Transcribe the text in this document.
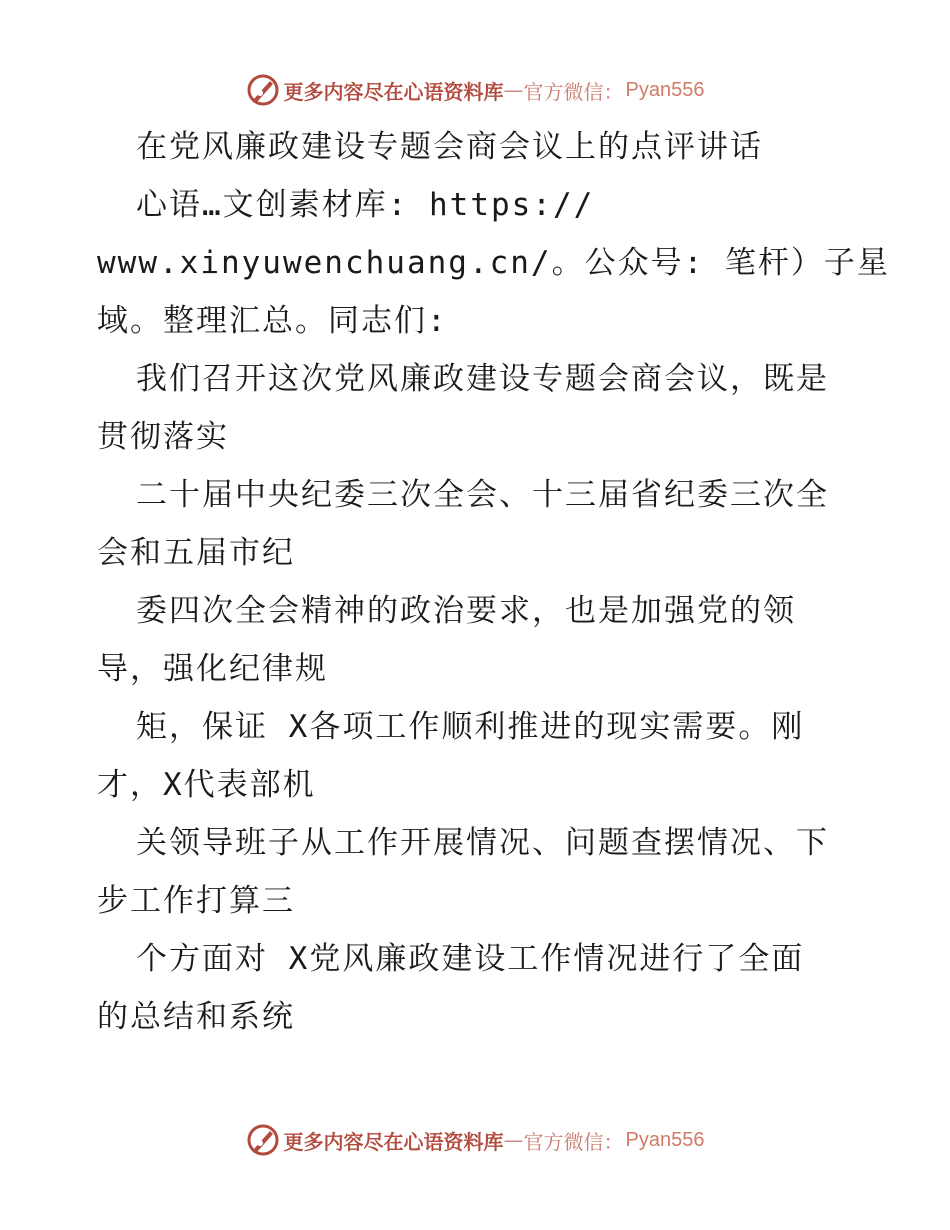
更多内容尽在心语资料库 — 官方微信： Pyan556
在党风廉政建设专题会商会议上的点评讲话
心语…文创素材库: https://
www.xinyuwenchuang.cn/。公众号: 笔杆）子星
域。整理汇总。同志们:
我们召开这次党风廉政建设专题会商会议，既是
贯彻落实
二十届中央纪委三次全会、十三届省纪委三次全
会和五届市纪
委四次全会精神的政治要求，也是加强党的领
导，强化纪律规
矩，保证 X各项工作顺利推进的现实需要。刚
才，X代表部机
关领导班子从工作开展情况、问题查摆情况、下
步工作打算三
个方面对 X党风廉政建设工作情况进行了全面
的总结和系统
更多内容尽在心语资料库 — 官方微信： Pyan556
